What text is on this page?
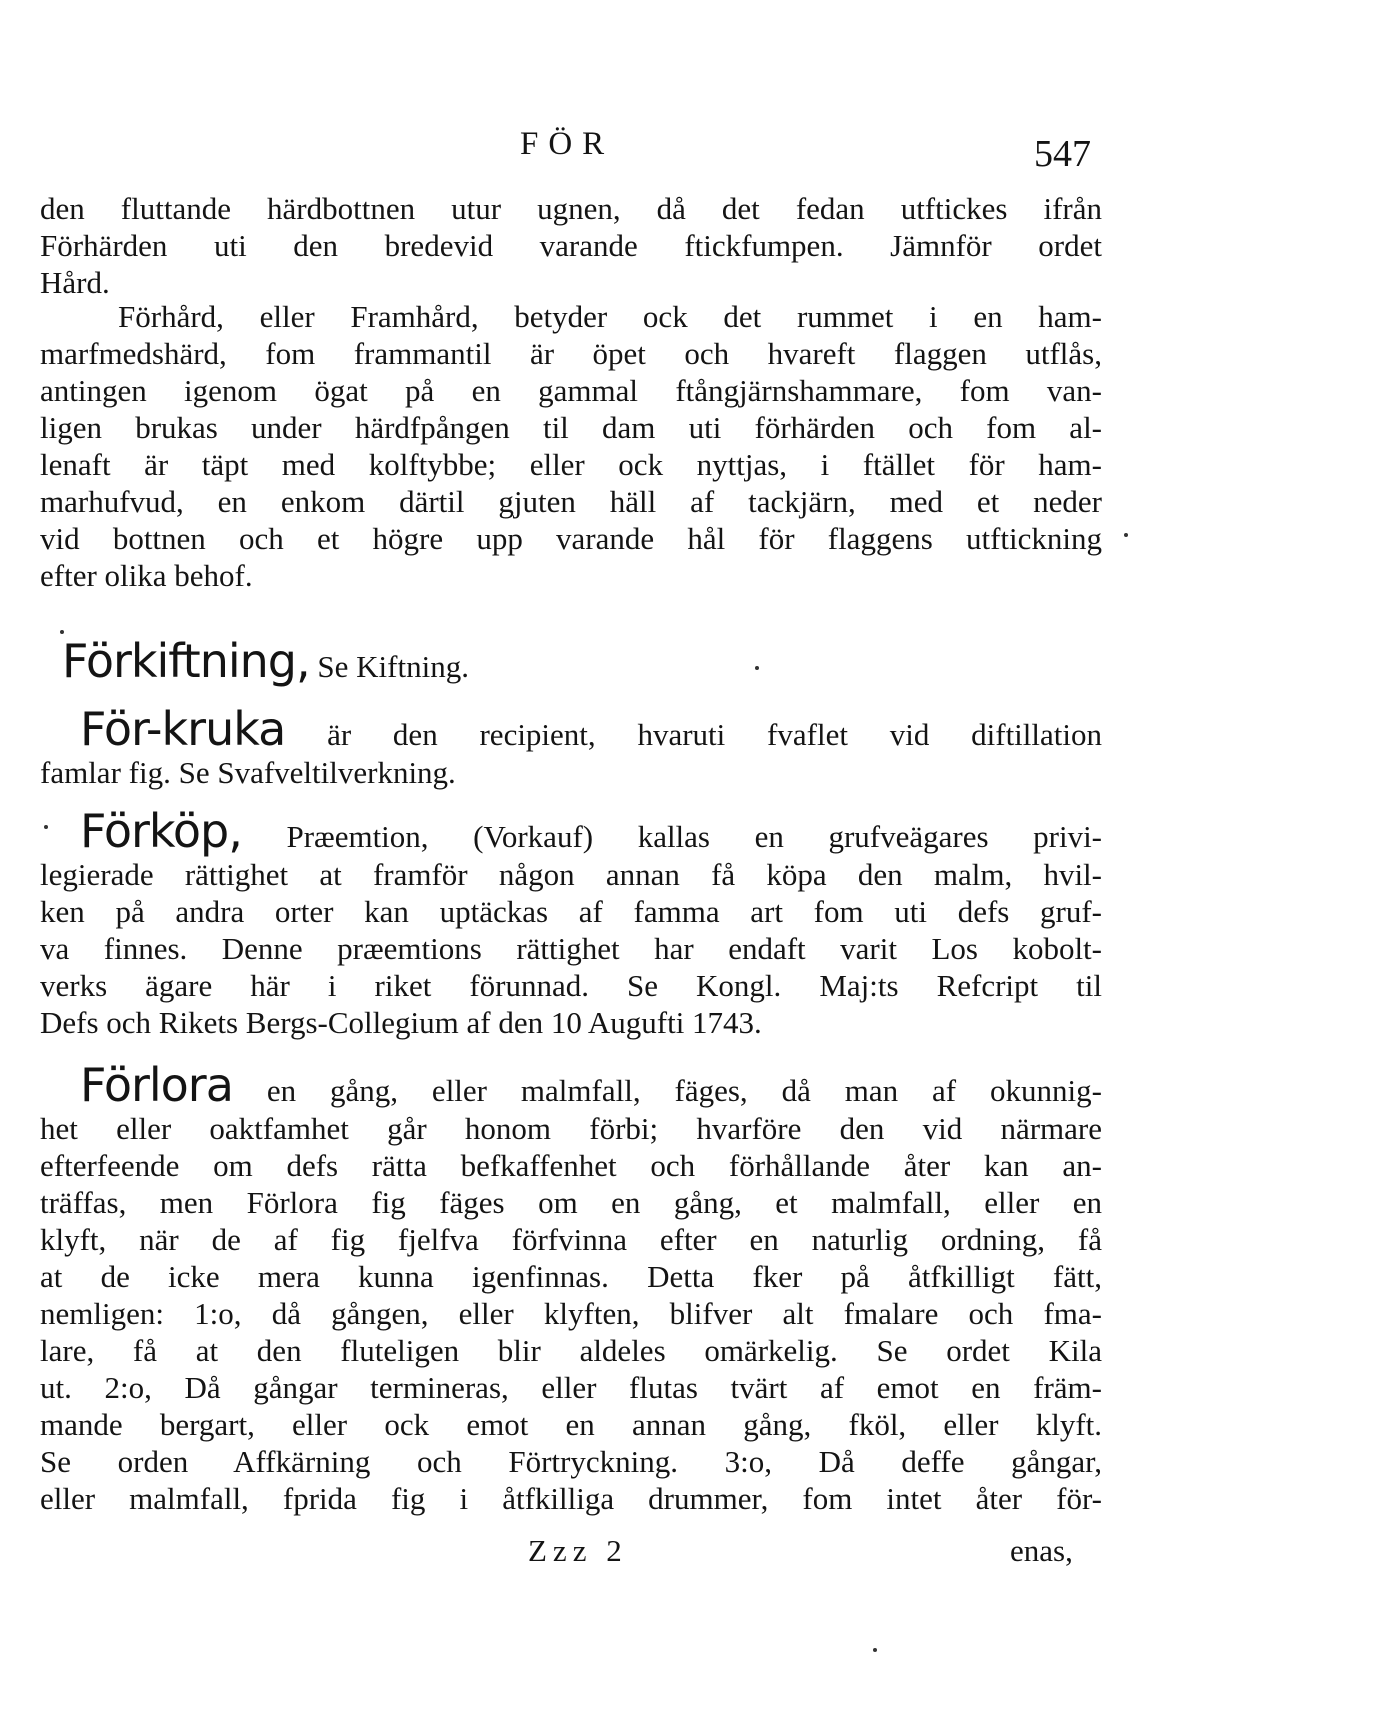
FÖR	547
den fluttande härdbottnen utur ugnen, då det fedan utftickes ifrån
Förhärden uti den bredevid varande ftickfumpen. Jämnför ordet
Hård.
Förhård, eller Framhård, betyder ock det rummet i en ham-
marfmedshärd, fom frammantil är öpet och hvareft flaggen utflås,
antingen igenom ögat på en gammal ftångjärnshammare, fom van-
ligen brukas under härdfpången til dam uti förhärden och fom al-
lenaft är täpt med kolftybbe; eller ock nyttjas, i ftället för ham-
marhufvud, en enkom därtil gjuten häll af tackjärn, med et neder
vid bottnen och et högre upp varande hål för flaggens utftickning
efter olika behof.
Förkiftning, Se Kiftning.
För-kruka är den recipient, hvaruti fvaflet vid diftillation
famlar fig. Se Svafveltilverkning.
Förköp, Præemtion, (Vorkauf) kallas en grufveägares privi-
legierade rättighet at framför någon annan få köpa den malm, hvil-
ken på andra orter kan uptäckas af famma art fom uti defs gruf-
va finnes. Denne præemtions rättighet har endaft varit Los kobolt-
verks ägare här i riket förunnad. Se Kongl. Maj:ts Refcript til
Defs och Rikets Bergs-Collegium af den 10 Augufti 1743.
Förlora en gång, eller malmfall, fäges, då man af okunnig-
het eller oaktfamhet går honom förbi; hvarföre den vid närmare
efterfeende om defs rätta befkaffenhet och förhållande åter kan an-
träffas, men Förlora fig fäges om en gång, et malmfall, eller en
klyft, när de af fig fjelfva förfvinna efter en naturlig ordning, få
at de icke mera kunna igenfinnas. Detta fker på åtfkilligt fätt,
nemligen: 1:o, då gången, eller klyften, blifver alt fmalare och fma-
lare, få at den fluteligen blir aldeles omärkelig. Se ordet Kila
ut. 2:o, Då gångar termineras, eller flutas tvärt af emot en främ-
mande bergart, eller ock emot en annan gång, fköl, eller klyft.
Se orden Affkärning och Förtryckning. 3:o, Då deffe gångar,
eller malmfall, fprida fig i åtfkilliga drummer, fom intet åter för-
Zzz 2	enas,
